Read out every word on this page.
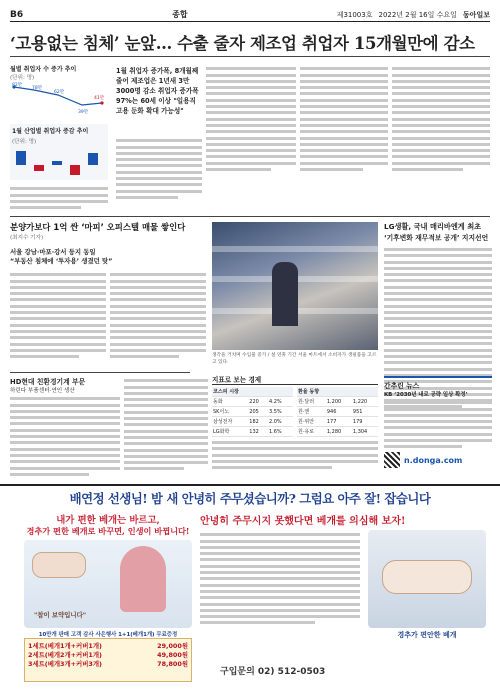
B6	종합	제31003호 2022년 2월 16일 수요일 동아일보
‘고용없는 침체’ 눈앞… 수출 줄자 제조업 취업자 15개월만에 감소
월별 취업자 수 증가 추이
(단위: 명)
82만
78만
62만
39만
41만
1월 산업별 취업자 증감 추이
(단위: 명)
1월 취업자 증가폭, 8개월째 줄어 제조업은 1년새 3만3000명 감소 취업자 증가폭 97%는 60세 이상 "일용직 고용 둔화 확대 가능성"
분양가보다 1억 싼 ‘마피’ 오피스텔 매물 쌓인다
(최지수 기자)
서울 강남·마포·강서 등지 동일
“부동산 침체에 ‘투자용’ 생겼던 탓”
생각을 거치며 수입물 증가 / 설 연휴 기간 서울 마트에서 소비자가 생필품을 고르고 있다.
LG생활, 국내 매리바엔게 최초
‘기후변화 재무적보 공개’ 지지선언
HD현대 친환경기계 부문
하린다 부품센터·연인 생산
지표로 보는 경제
코스피 시장		
동화	220	4.2%
SK이노	205	3.5%
삼성전자	182	2.0%
LG화학	132	1.6%
환율 동향		
원·달러	1,200	1,220
원·엔	946	951
원·위안	177	179
원·유로	1,280	1,304
간추린 뉴스
KB ‘2030년 내로 공략 일상 확정’
n.donga.com
배연정 선생님! 밤 새 안녕히 주무셨습니까? 그럼요 아주 잘! 잡습니다
내가 편한 베개는 바르고,
경추가 편한 베개로 바꾸면, 인생이 바뀝니다!
"참이 보약입니다"
10만개 판매 고객 감사 사은행사 1+1(베개1개) 무료증정
1세트(베개1개+커버1개)	29,000원
2세트(베개2개+커버1개)	49,800원
3세트(베개3개+커버3개)	78,800원
안녕히 주무시지 못했다면 베개를 의심해 보자!
경추가 편안한 베개
구입문의 02) 512-0503
